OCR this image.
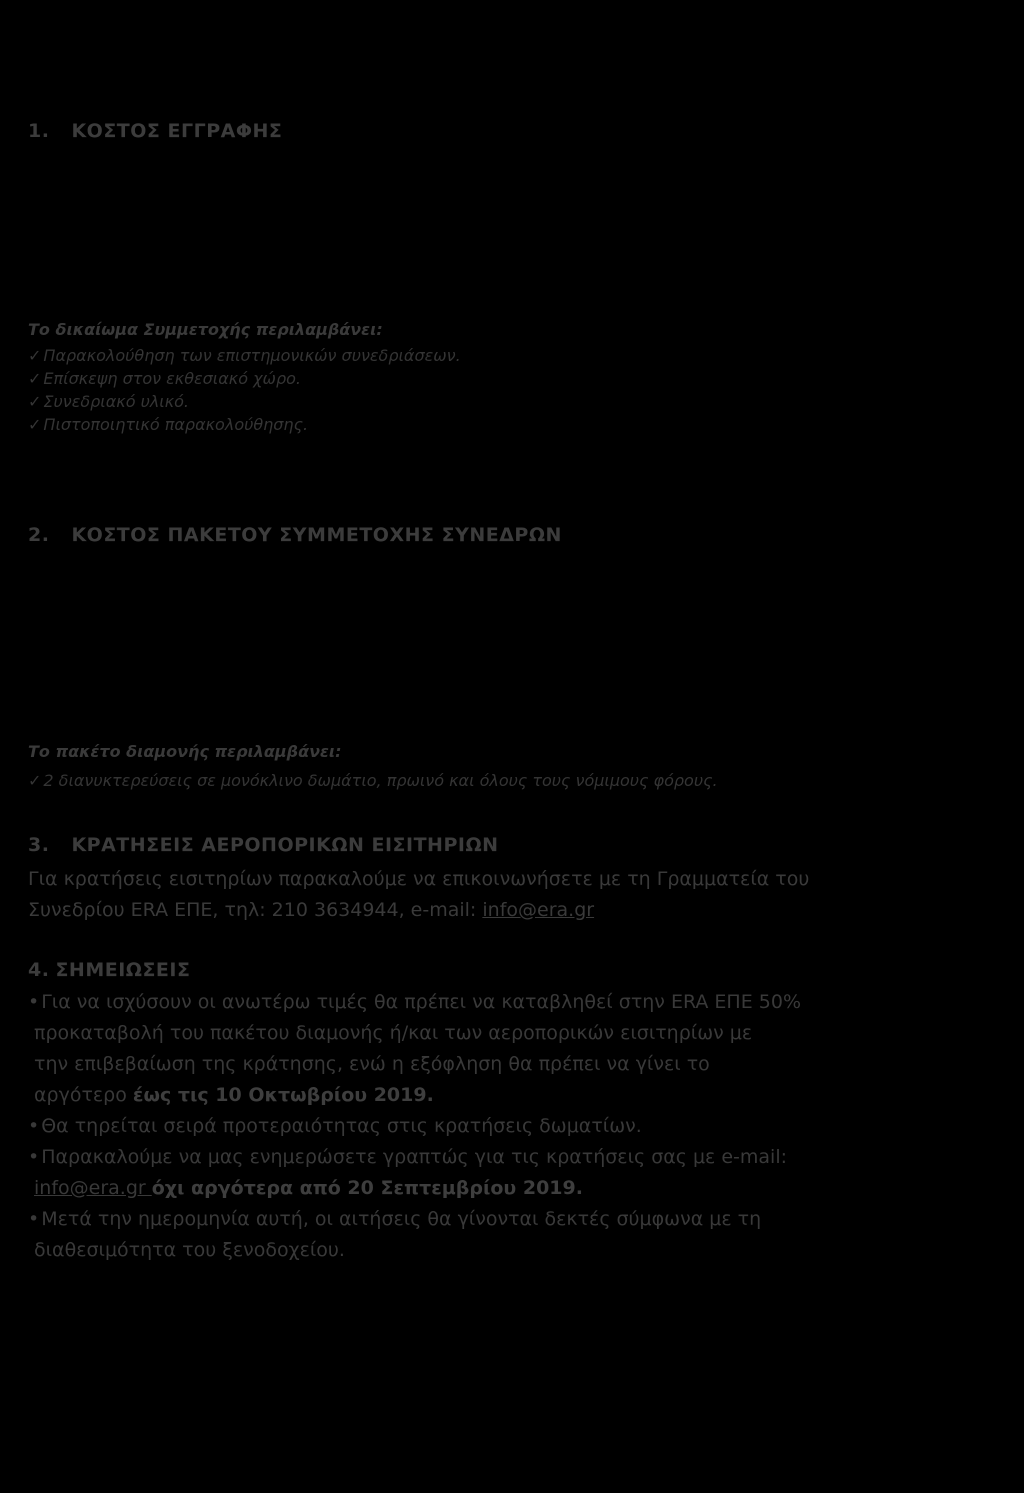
1. ΚΟΣΤΟΣ ΕΓΓΡΑΦΗΣ
Το δικαίωμα Συμμετοχής περιλαμβάνει:
✓ Παρακολούθηση των επιστημονικών συνεδριάσεων.
✓ Επίσκεψη στον εκθεσιακό χώρο.
✓ Συνεδριακό υλικό.
✓ Πιστοποιητικό παρακολούθησης.
2. ΚΟΣΤΟΣ ΠΑΚΕΤΟΥ ΣΥΜΜΕΤΟΧΗΣ ΣΥΝΕΔΡΩΝ
Το πακέτο διαμονής περιλαμβάνει:
✓ 2 διανυκτερεύσεις σε μονόκλινο δωμάτιο, πρωινό και όλους τους νόμιμους φόρους.
3. ΚΡΑΤΗΣΕΙΣ ΑΕΡΟΠΟΡΙΚΩΝ ΕΙΣΙΤΗΡΙΩΝ
Για κρατήσεις εισιτηρίων παρακαλούμε να επικοινωνήσετε με τη Γραμματεία του
Συνεδρίου ERA ΕΠΕ, τηλ: 210 3634944, e-mail: info@era.gr
4. ΣΗΜΕΙΩΣΕΙΣ
• Για να ισχύσουν οι ανωτέρω τιμές θα πρέπει να καταβληθεί στην ERA ΕΠΕ 50%
προκαταβολή του πακέτου διαμονής ή/και των αεροπορικών εισιτηρίων με
την επιβεβαίωση της κράτησης, ενώ η εξόφληση θα πρέπει να γίνει το
αργότερο έως τις 10 Οκτωβρίου 2019.
• Θα τηρείται σειρά προτεραιότητας στις κρατήσεις δωματίων.
• Παρακαλούμε να μας ενημερώσετε γραπτώς για τις κρατήσεις σας με e-mail:
info@era.gr όχι αργότερα από 20 Σεπτεμβρίου 2019.
• Μετά την ημερομηνία αυτή, οι αιτήσεις θα γίνονται δεκτές σύμφωνα με τη
διαθεσιμότητα του ξενοδοχείου.
